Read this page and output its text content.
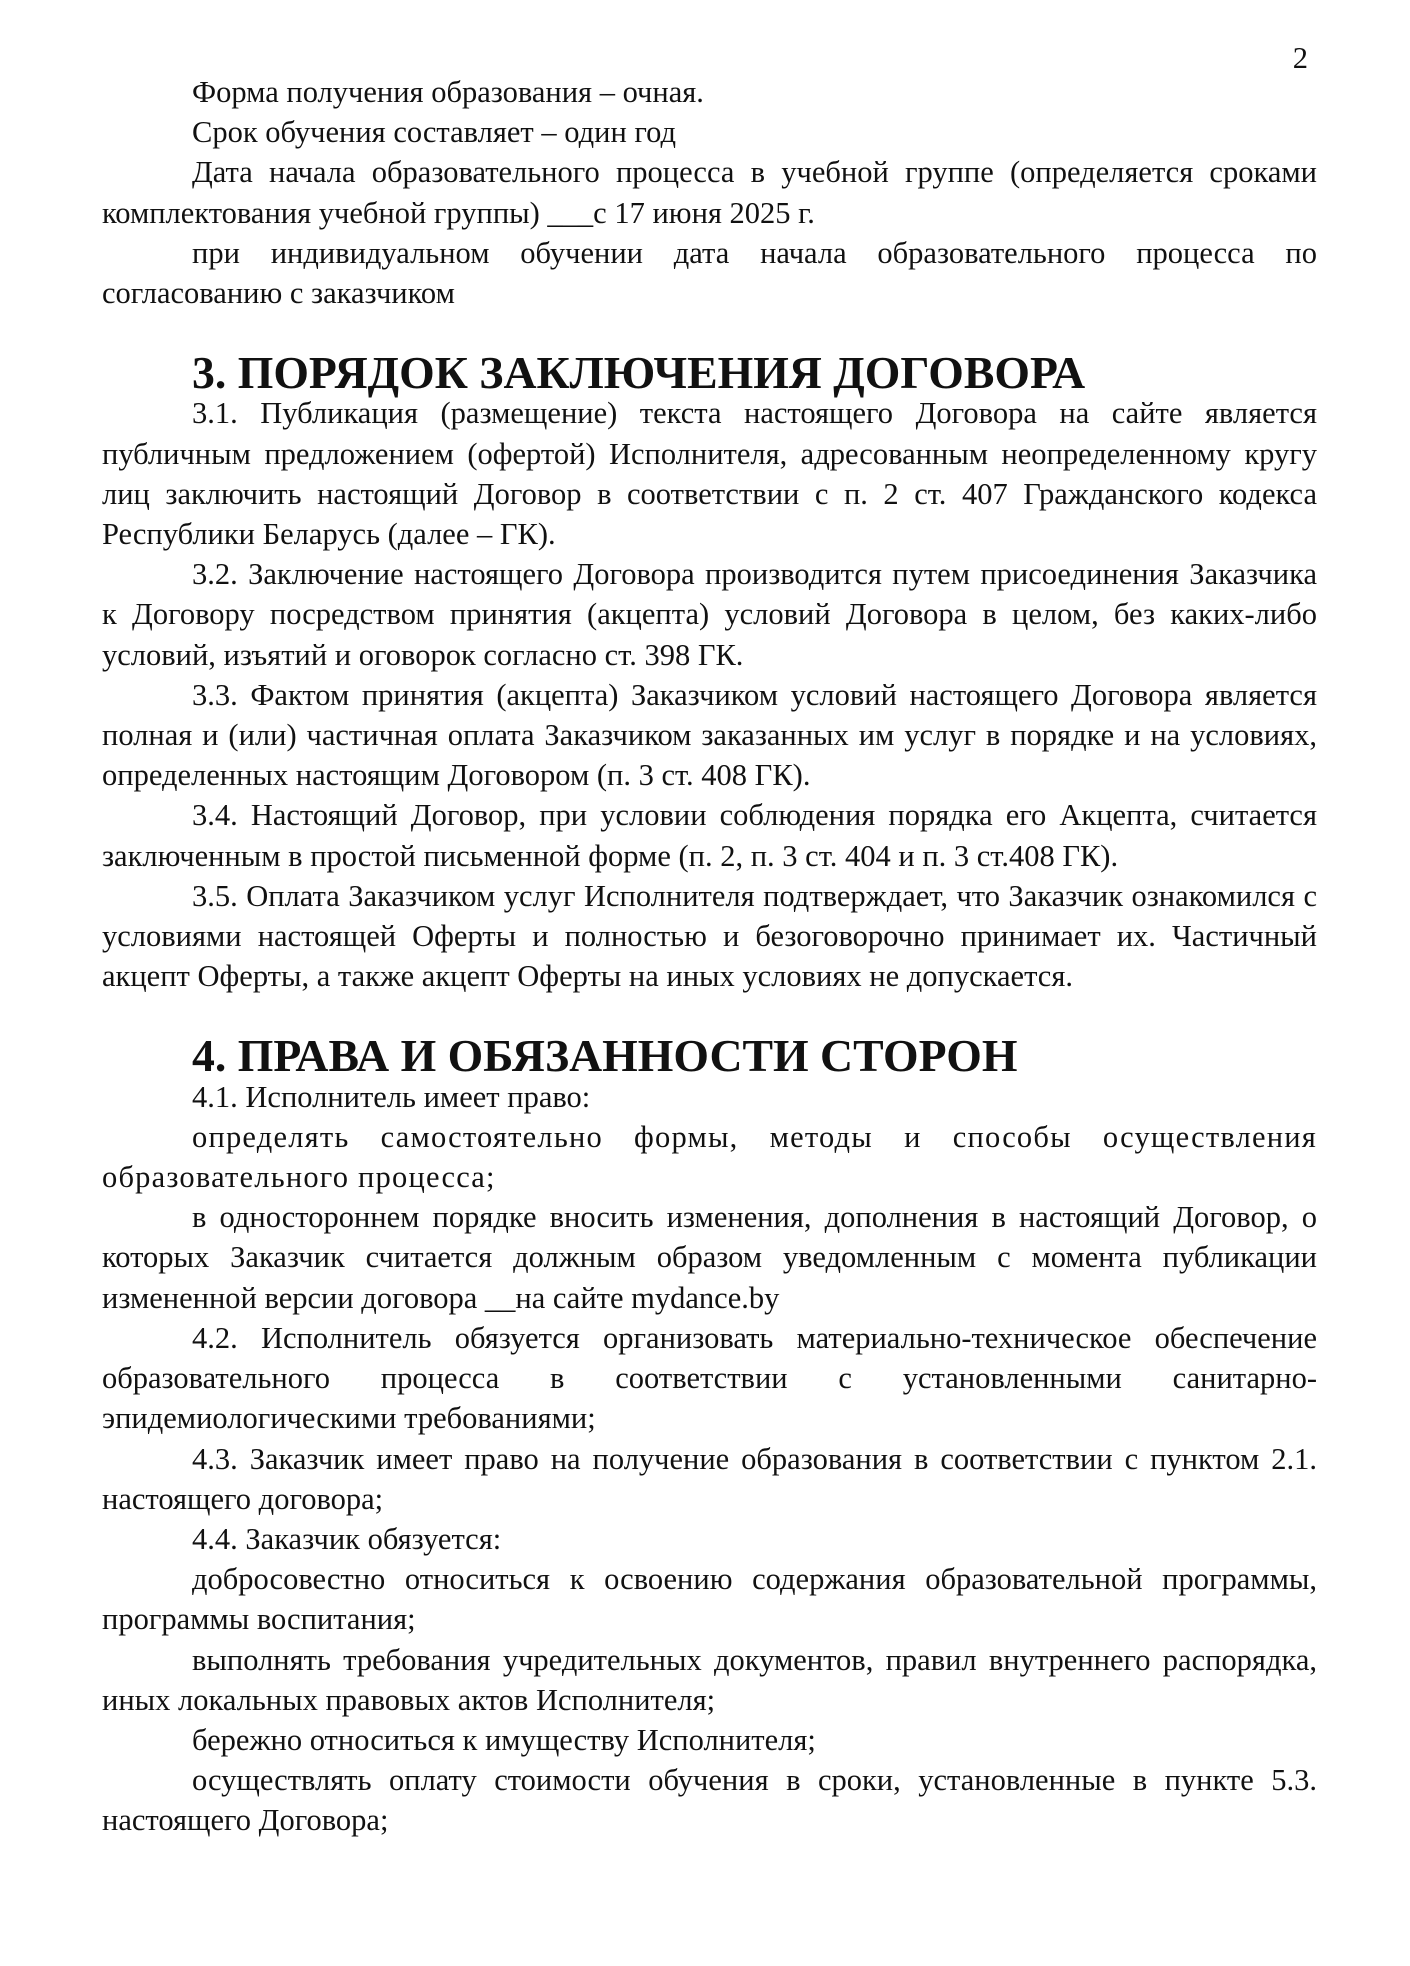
2

Форма получения образования – очная.

Срок обучения составляет – один год

Дата начала образовательного процесса в учебной группе (определяется сроками комплектования учебной группы) ___с 17 июня 2025 г.

при индивидуальном обучении дата начала образовательного процесса по согласованию с заказчиком

3. ПОРЯДОК ЗАКЛЮЧЕНИЯ ДОГОВОРА

3.1. Публикация (размещение) текста настоящего Договора на сайте является публичным предложением (офертой) Исполнителя, адресованным неопределенному кругу лиц заключить настоящий Договор в соответствии с п. 2 ст. 407 Гражданского кодекса Республики Беларусь (далее – ГК).

3.2. Заключение настоящего Договора производится путем присоединения Заказчика к Договору посредством принятия (акцепта) условий Договора в целом, без каких-либо условий, изъятий и оговорок согласно ст. 398 ГК.

3.3. Фактом принятия (акцепта) Заказчиком условий настоящего Договора является полная и (или) частичная оплата Заказчиком заказанных им услуг в порядке и на условиях, определенных настоящим Договором (п. 3 ст. 408 ГК).

3.4. Настоящий Договор, при условии соблюдения порядка его Акцепта, считается заключенным в простой письменной форме (п. 2, п. 3 ст. 404 и п. 3 ст.408 ГК).

3.5. Оплата Заказчиком услуг Исполнителя подтверждает, что Заказчик ознакомился с условиями настоящей Оферты и полностью и безоговорочно принимает их. Частичный акцепт Оферты, а также акцепт Оферты на иных условиях не допускается.

4. ПРАВА И ОБЯЗАННОСТИ СТОРОН

4.1. Исполнитель имеет право:

определять самостоятельно формы, методы и способы осуществления образовательного процесса;

в одностороннем порядке вносить изменения, дополнения в настоящий Договор, о которых Заказчик считается должным образом уведомленным с момента публикации измененной версии договора __на сайте mydance.by

4.2. Исполнитель обязуется организовать материально-техническое обеспечение образовательного процесса в соответствии с установленными санитарно-эпидемиологическими требованиями;

4.3. Заказчик имеет право на получение образования в соответствии с пунктом 2.1. настоящего договора;

4.4. Заказчик обязуется:

добросовестно относиться к освоению содержания образовательной программы, программы воспитания;

выполнять требования учредительных документов, правил внутреннего распорядка, иных локальных правовых актов Исполнителя;

бережно относиться к имуществу Исполнителя;

осуществлять оплату стоимости обучения в сроки, установленные в пункте 5.3. настоящего Договора;
